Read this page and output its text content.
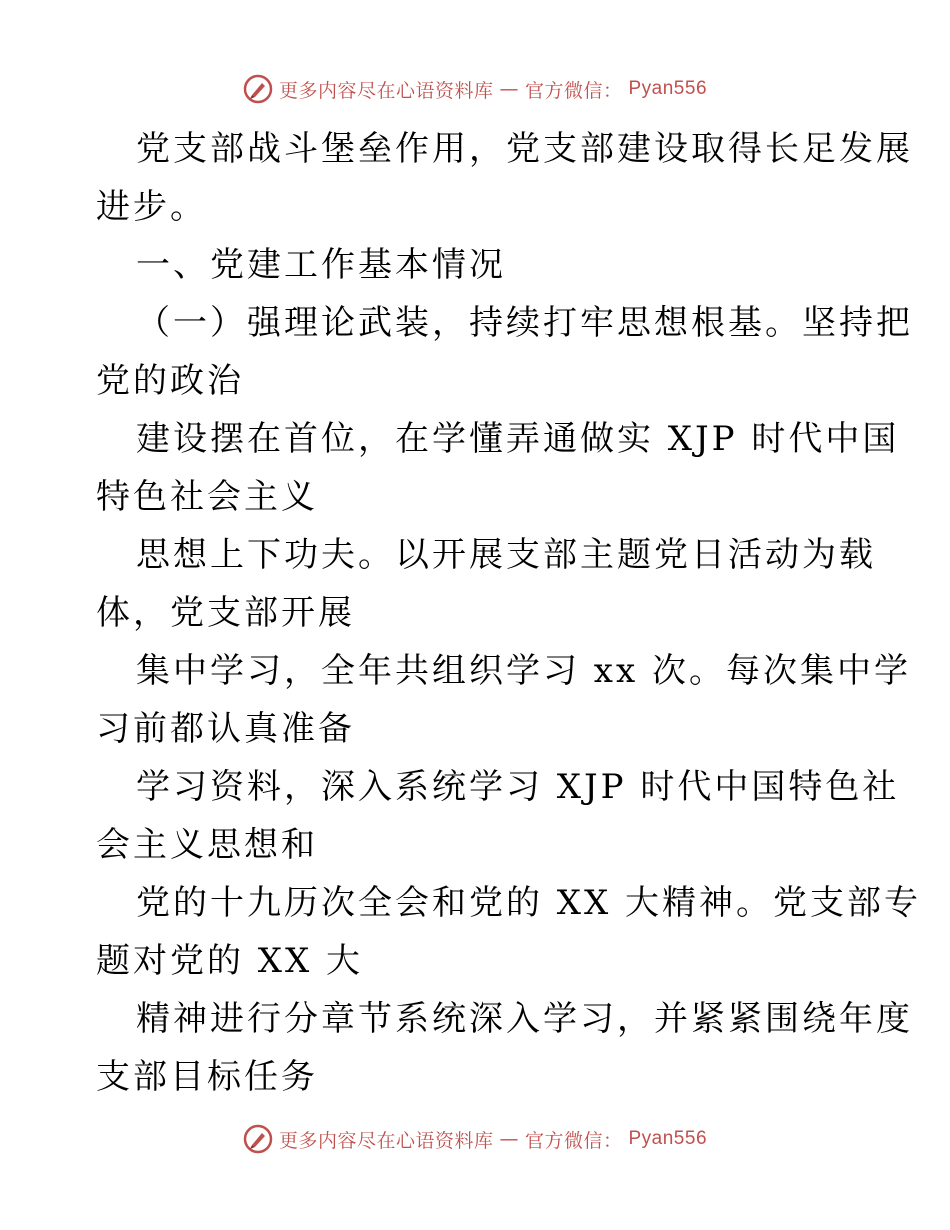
更多内容尽在心语资料库 — 官方微信： Pyan556
党支部战斗堡垒作用，党支部建设取得长足发展
进步。
一、党建工作基本情况
（一）强理论武装，持续打牢思想根基。坚持把
党的政治
建设摆在首位，在学懂弄通做实 XJP 时代中国
特色社会主义
思想上下功夫。以开展支部主题党日活动为载
体，党支部开展
集中学习，全年共组织学习 xx 次。每次集中学
习前都认真准备
学习资料，深入系统学习 XJP 时代中国特色社
会主义思想和
党的十九历次全会和党的 XX 大精神。党支部专
题对党的 XX 大
精神进行分章节系统深入学习，并紧紧围绕年度
支部目标任务
更多内容尽在心语资料库 — 官方微信： Pyan556
